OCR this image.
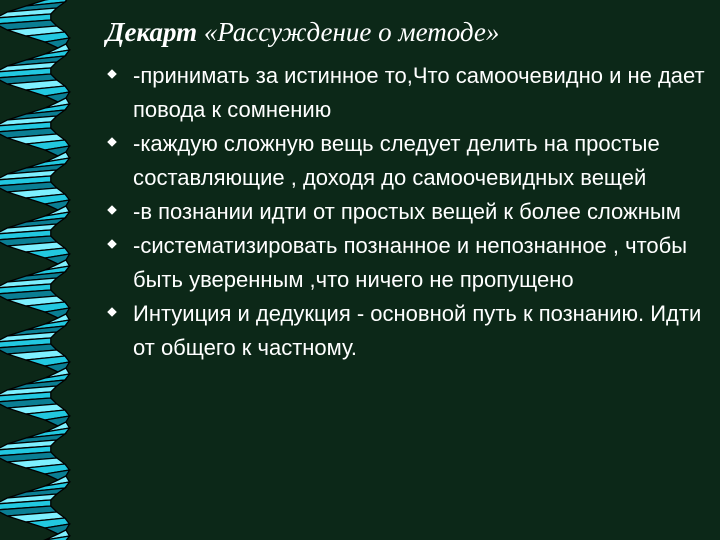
Декарт «Рассуждение о методе»
-принимать за истинное то,Что самоочевидно и не дает повода к сомнению
-каждую сложную вещь следует делить на простые составляющие , доходя до самоочевидных вещей
-в познании идти от простых вещей к более сложным
-систематизировать познанное и непознанное , чтобы быть уверенным ,что ничего не пропущено
Интуиция и дедукция - основной путь к познанию. Идти от общего к частному.
